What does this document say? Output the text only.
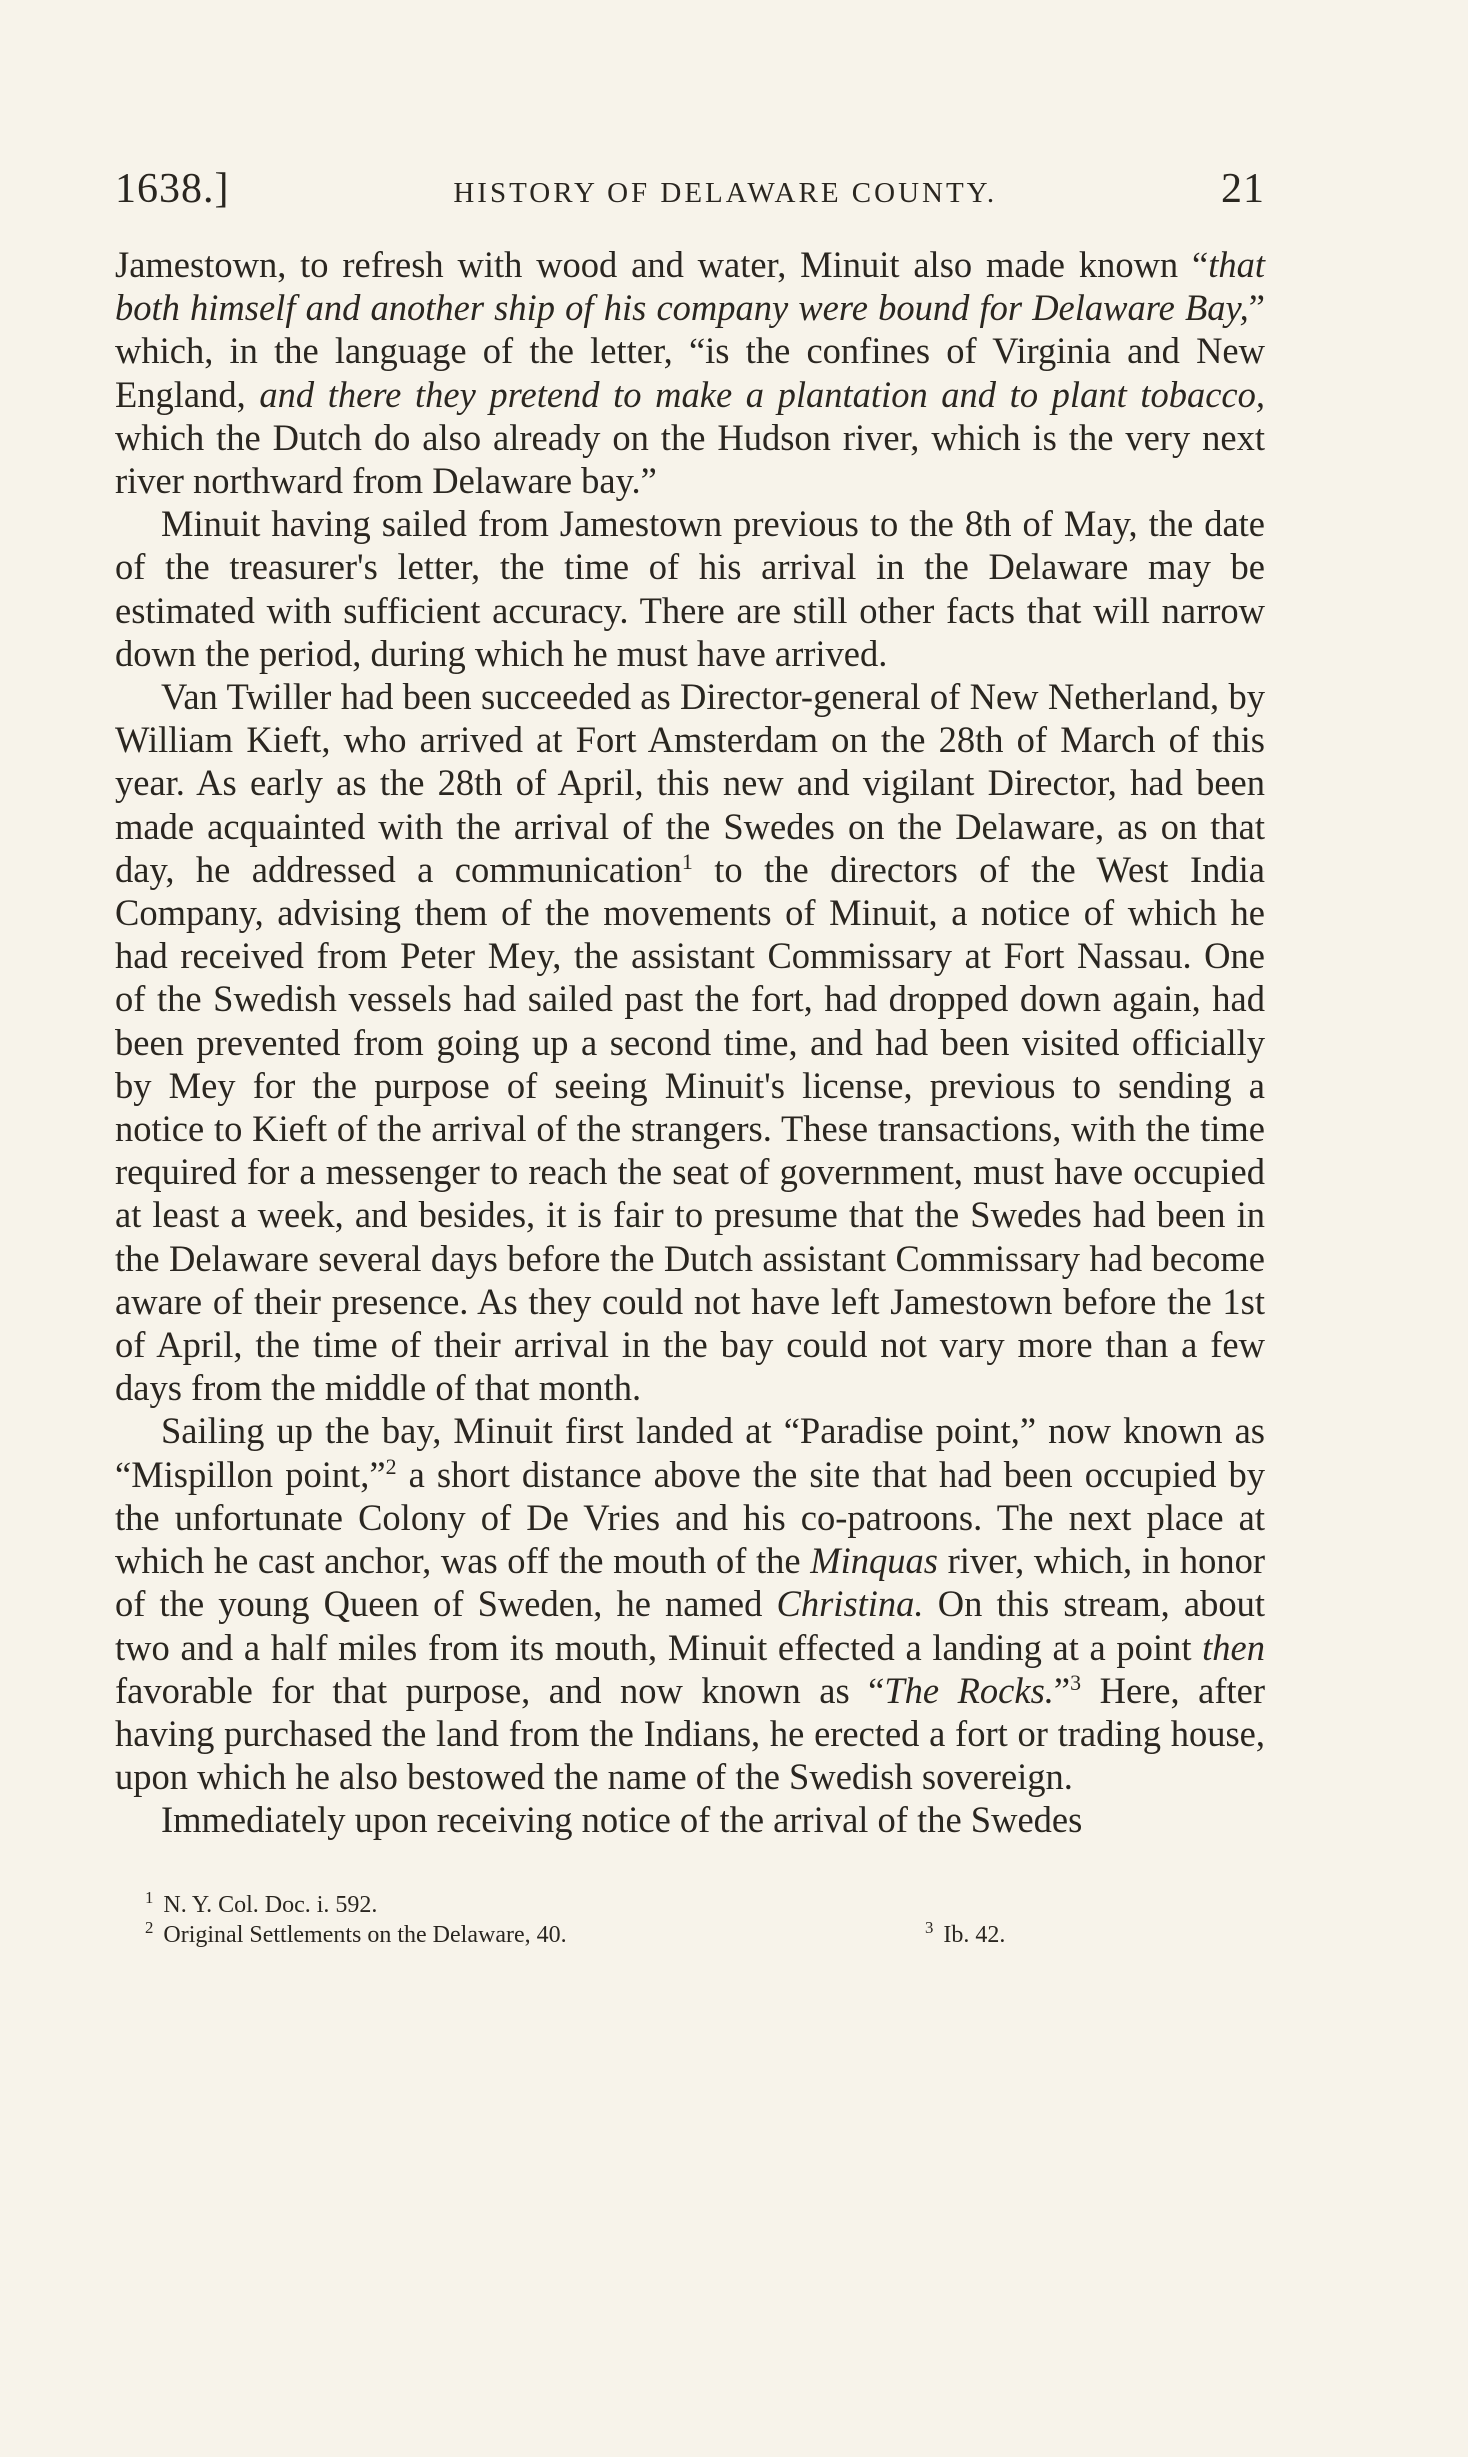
1638.]	HISTORY OF DELAWARE COUNTY.	21

Jamestown, to refresh with wood and water, Minuit also made known “that both himself and another ship of his company were bound for Delaware Bay,” which, in the language of the letter, “is the confines of Virginia and New England, and there they pretend to make a plantation and to plant tobacco, which the Dutch do also already on the Hudson river, which is the very next river northward from Delaware bay.”

Minuit having sailed from Jamestown previous to the 8th of May, the date of the treasurer's letter, the time of his arrival in the Delaware may be estimated with sufficient accuracy. There are still other facts that will narrow down the period, during which he must have arrived.

Van Twiller had been succeeded as Director-general of New Netherland, by William Kieft, who arrived at Fort Amsterdam on the 28th of March of this year. As early as the 28th of April, this new and vigilant Director, had been made acquainted with the arrival of the Swedes on the Delaware, as on that day, he addressed a communication$^1$ to the directors of the West India Company, advising them of the movements of Minuit, a notice of which he had received from Peter Mey, the assistant Commissary at Fort Nassau. One of the Swedish vessels had sailed past the fort, had dropped down again, had been prevented from going up a second time, and had been visited officially by Mey for the purpose of seeing Minuit's license, previous to sending a notice to Kieft of the arrival of the strangers. These transactions, with the time required for a messenger to reach the seat of government, must have occupied at least a week, and besides, it is fair to presume that the Swedes had been in the Delaware several days before the Dutch assistant Commissary had become aware of their presence. As they could not have left Jamestown before the 1st of April, the time of their arrival in the bay could not vary more than a few days from the middle of that month.

Sailing up the bay, Minuit first landed at “Paradise point,” now known as “Mispillon point,”$^2$ a short distance above the site that had been occupied by the unfortunate Colony of De Vries and his co-patroons. The next place at which he cast anchor, was off the mouth of the Minquas river, which, in honor of the young Queen of Sweden, he named Christina. On this stream, about two and a half miles from its mouth, Minuit effected a landing at a point then favorable for that purpose, and now known as “The Rocks.”$^3$ Here, after having purchased the land from the Indians, he erected a fort or trading house, upon which he also bestowed the name of the Swedish sovereign.

Immediately upon receiving notice of the arrival of the Swedes

$^1$ N. Y. Col. Doc. i. 592.
$^2$ Original Settlements on the Delaware, 40.	$^3$ Ib. 42.
